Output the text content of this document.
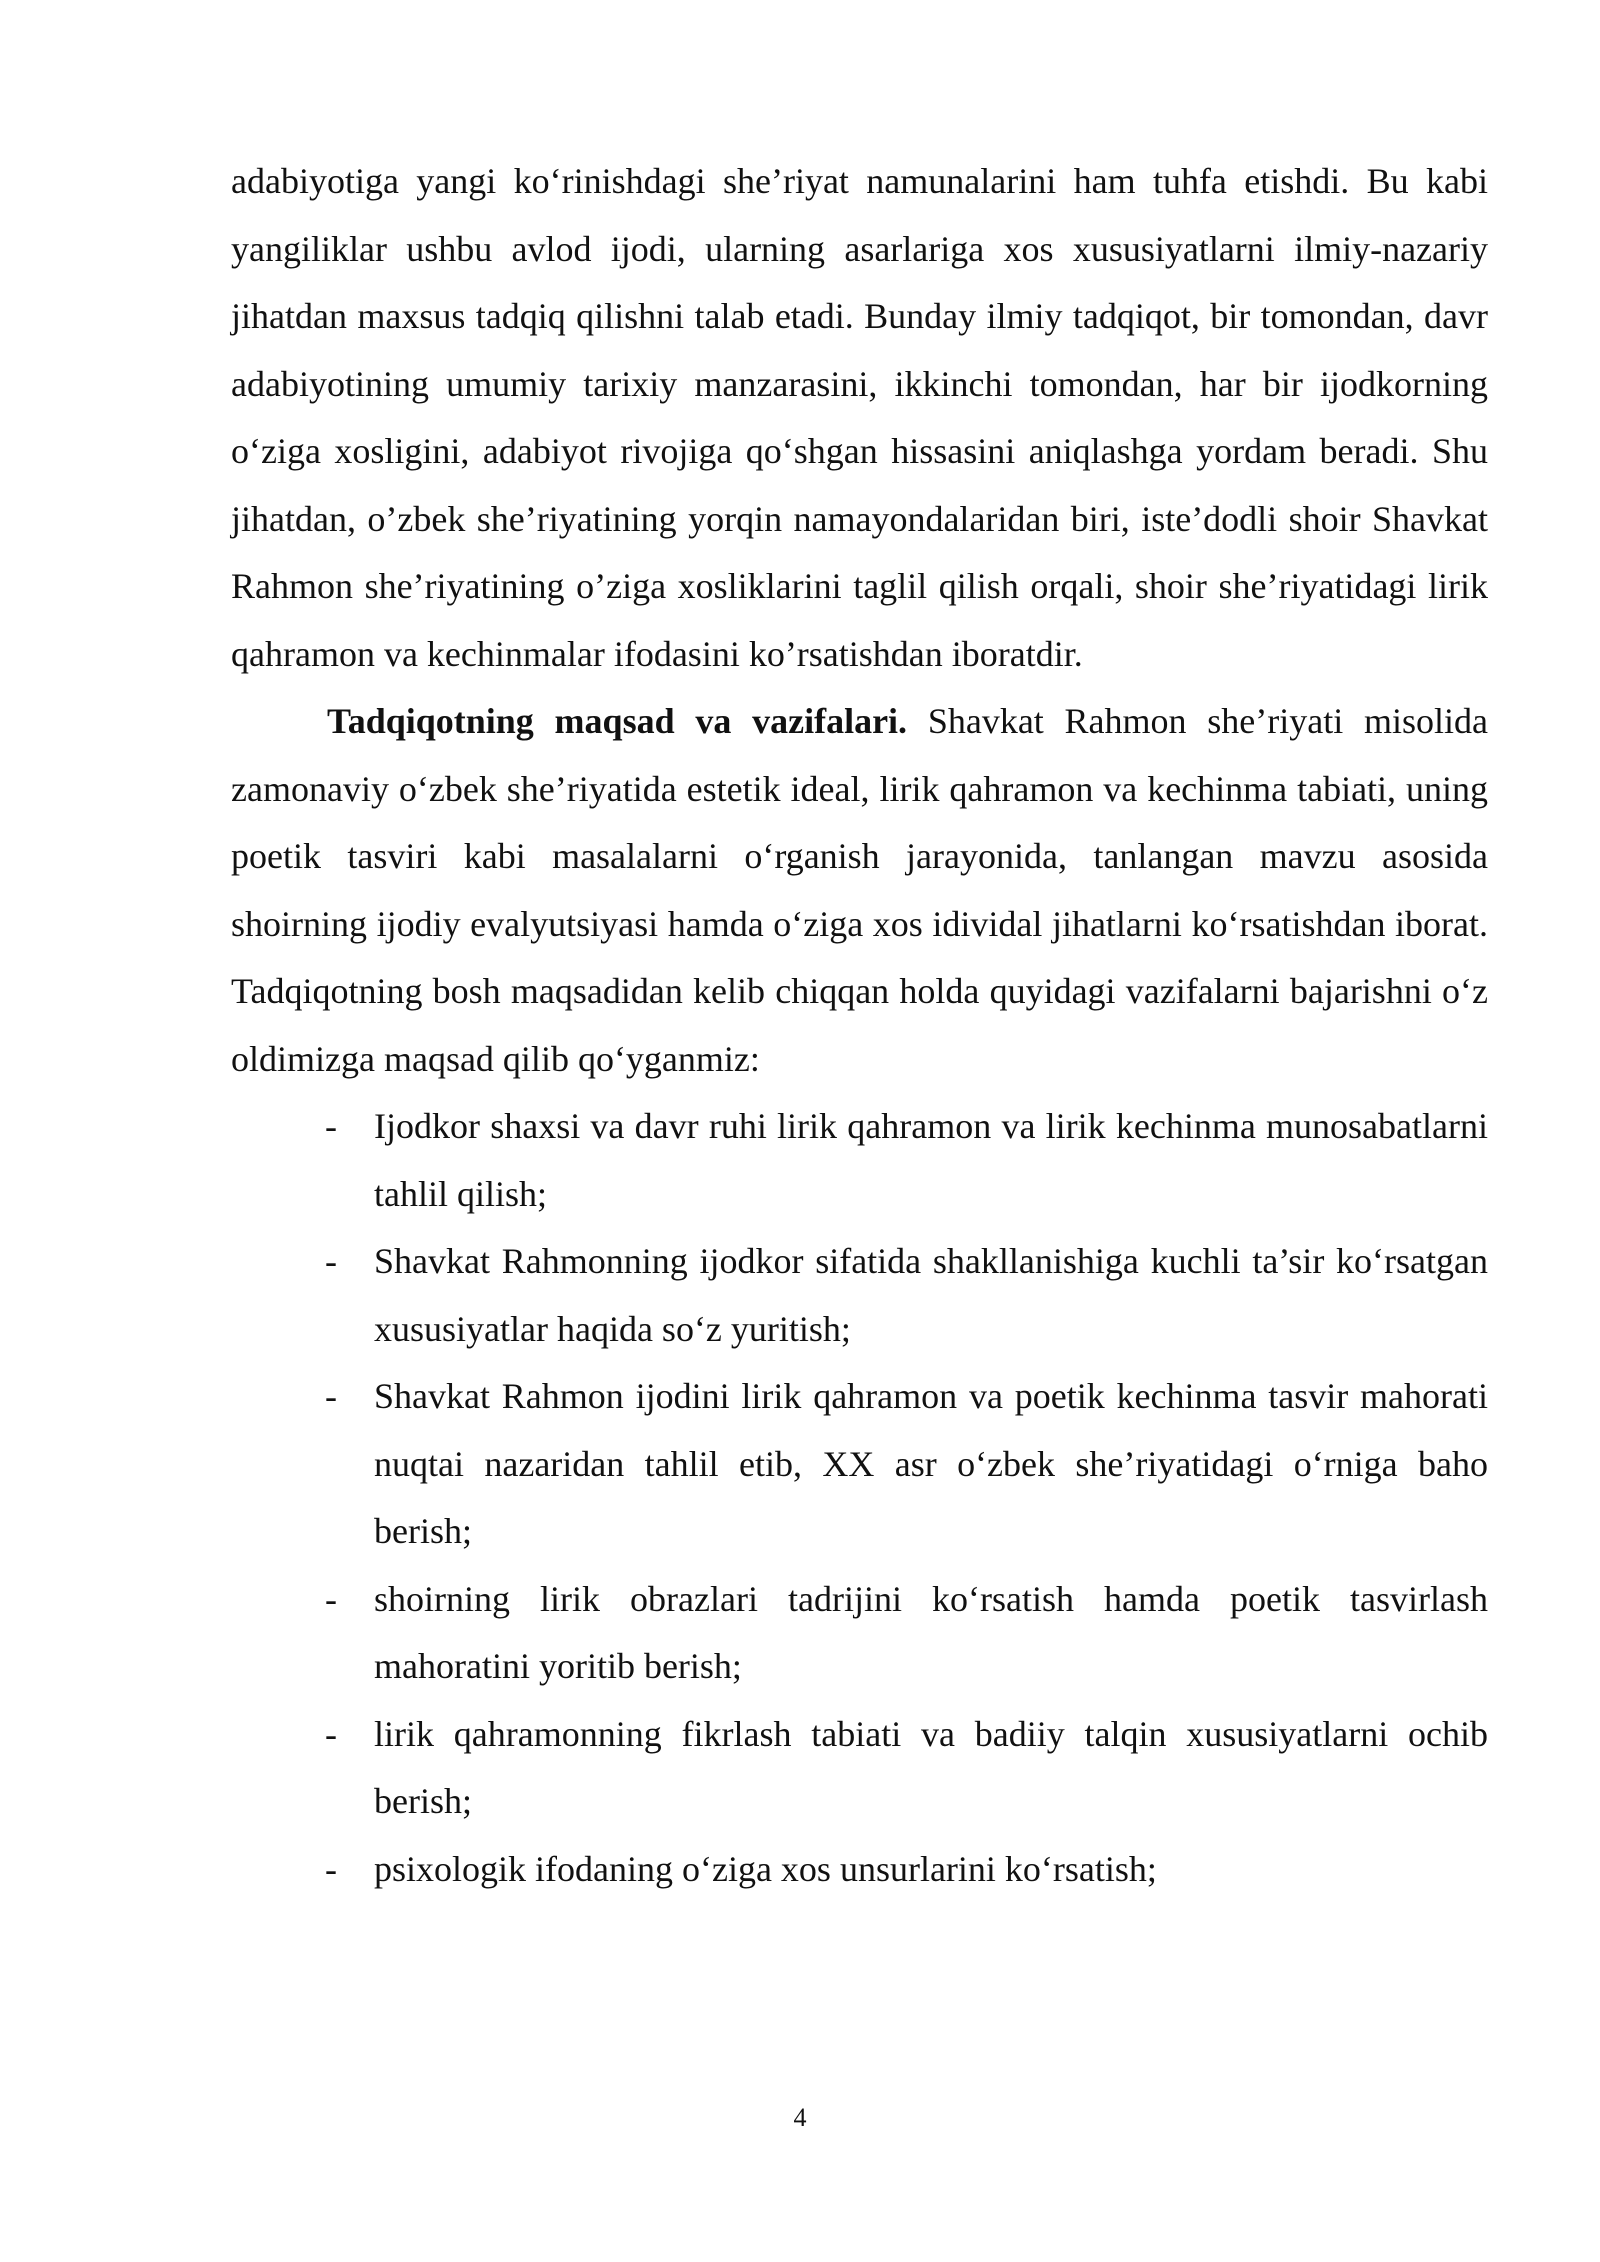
adabiyotiga yangi ko‘rinishdagi she’riyat namunalarini ham tuhfa etishdi. Bu kabi yangiliklar ushbu avlod ijodi, ularning asarlariga xos xususiyatlarni ilmiy-nazariy jihatdan maxsus tadqiq qilishni talab etadi. Bunday ilmiy tadqiqot, bir tomondan, davr adabiyotining umumiy tarixiy manzarasini, ikkinchi tomondan, har bir ijodkorning o‘ziga xosligini, adabiyot rivojiga qo‘shgan hissasini aniqlashga yordam beradi. Shu jihatdan, o’zbek she’riyatining yorqin namayondalaridan biri, iste’dodli shoir Shavkat Rahmon she’riyatining o’ziga xosliklarini taglil qilish orqali, shoir she’riyatidagi lirik qahramon va kechinmalar ifodasini ko’rsatishdan iboratdir.

Tadqiqotning maqsad va vazifalari. Shavkat Rahmon she’riyati misolida zamonaviy o‘zbek she’riyatida estetik ideal, lirik qahramon va kechinma tabiati, uning poetik tasviri kabi masalalarni o‘rganish jarayonida, tanlangan mavzu asosida shoirning ijodiy evalyutsiyasi hamda o‘ziga xos idividal jihatlarni ko‘rsatishdan iborat. Tadqiqotning bosh maqsadidan kelib chiqqan holda quyidagi vazifalarni bajarishni o‘z oldimizga maqsad qilib qo‘yganmiz:

- Ijodkor shaxsi va davr ruhi lirik qahramon va lirik kechinma munosabatlarni tahlil qilish;
- Shavkat Rahmonning ijodkor sifatida shakllanishiga kuchli ta’sir ko‘rsatgan xususiyatlar haqida so‘z yuritish;
- Shavkat Rahmon ijodini lirik qahramon va poetik kechinma tasvir mahorati nuqtai nazaridan tahlil etib, XX asr o‘zbek she’riyatidagi o‘rniga baho berish;
- shoirning lirik obrazlari tadrijini ko‘rsatish hamda poetik tasvirlash mahoratini yoritib berish;
- lirik qahramonning fikrlash tabiati va badiiy talqin xususiyatlarni ochib berish;
- psixologik ifodaning o‘ziga xos unsurlarini ko‘rsatish;
4
